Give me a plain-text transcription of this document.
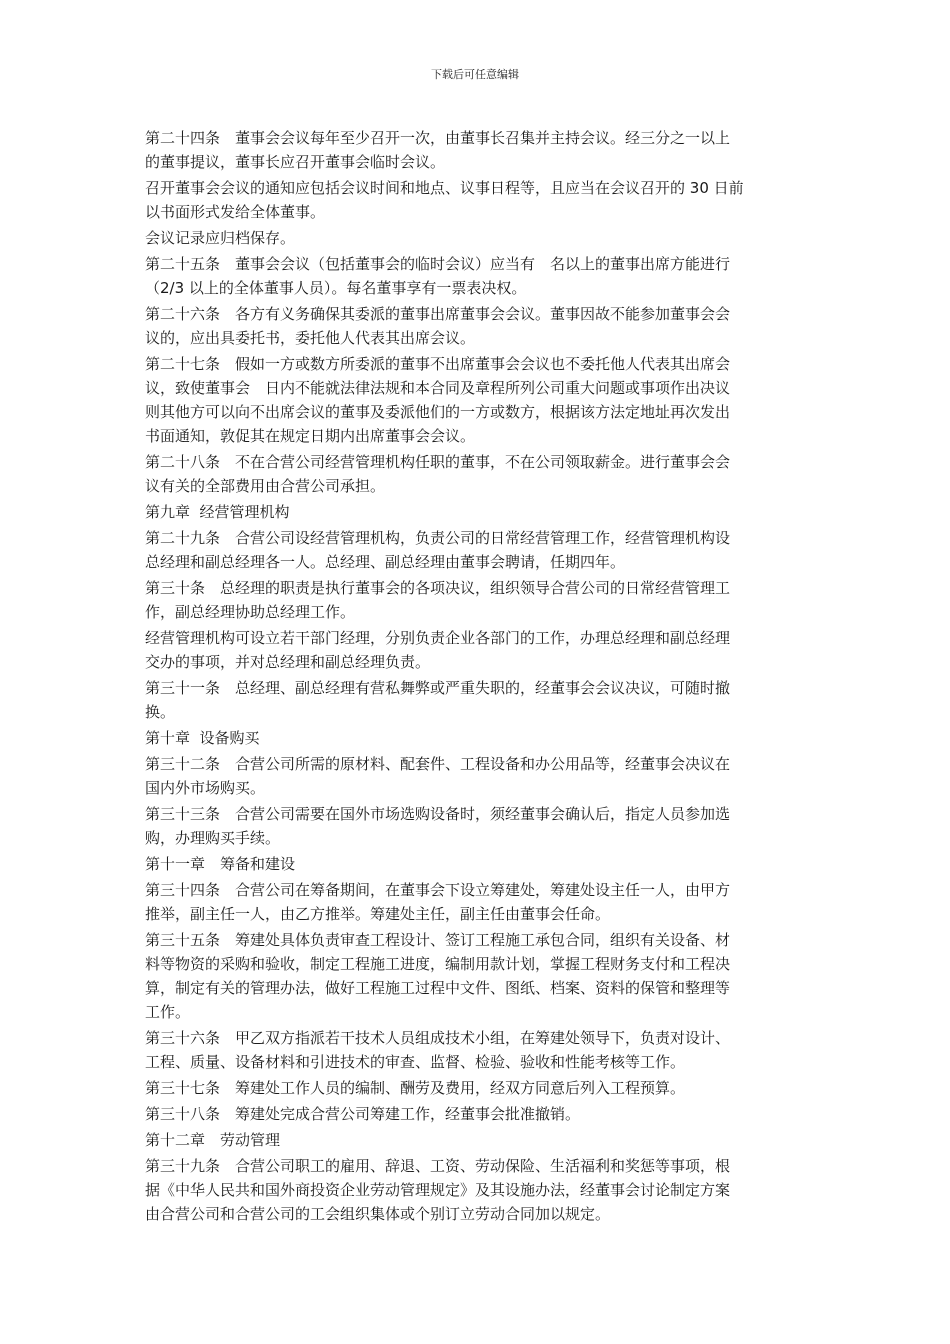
下载后可任意编辑
第二十四条　董事会会议每年至少召开一次，由董事长召集并主持会议。经三分之一以上
的董事提议，董事长应召开董事会临时会议。
召开董事会会议的通知应包括会议时间和地点、议事日程等，且应当在会议召开的 30 日前
以书面形式发给全体董事。
会议记录应归档保存。
第二十五条　董事会会议（包括董事会的临时会议）应当有　名以上的董事出席方能进行
（2/3 以上的全体董事人员）。每名董事享有一票表决权。
第二十六条　各方有义务确保其委派的董事出席董事会会议。董事因故不能参加董事会会
议的，应出具委托书，委托他人代表其出席会议。
第二十七条　假如一方或数方所委派的董事不出席董事会会议也不委托他人代表其出席会
议，致使董事会　日内不能就法律法规和本合同及章程所列公司重大问题或事项作出决议
则其他方可以向不出席会议的董事及委派他们的一方或数方，根据该方法定地址再次发出
书面通知，敦促其在规定日期内出席董事会会议。
第二十八条　不在合营公司经营管理机构任职的董事，不在公司领取薪金。进行董事会会
议有关的全部费用由合营公司承担。
第九章  经营管理机构
第二十九条　合营公司设经营管理机构，负责公司的日常经营管理工作，经营管理机构设
总经理和副总经理各一人。总经理、副总经理由董事会聘请，任期四年。
第三十条　总经理的职责是执行董事会的各项决议，组织领导合营公司的日常经营管理工
作，副总经理协助总经理工作。
经营管理机构可设立若干部门经理，分别负责企业各部门的工作，办理总经理和副总经理
交办的事项，并对总经理和副总经理负责。
第三十一条　总经理、副总经理有营私舞弊或严重失职的，经董事会会议决议，可随时撤
换。
第十章  设备购买
第三十二条　合营公司所需的原材料、配套件、工程设备和办公用品等，经董事会决议在
国内外市场购买。
第三十三条　合营公司需要在国外市场选购设备时，须经董事会确认后，指定人员参加选
购，办理购买手续。
第十一章　筹备和建设
第三十四条　合营公司在筹备期间，在董事会下设立筹建处，筹建处设主任一人，由甲方
推举，副主任一人，由乙方推举。筹建处主任，副主任由董事会任命。
第三十五条　筹建处具体负责审查工程设计、签订工程施工承包合同，组织有关设备、材
料等物资的采购和验收，制定工程施工进度，编制用款计划，掌握工程财务支付和工程决
算，制定有关的管理办法，做好工程施工过程中文件、图纸、档案、资料的保管和整理等
工作。
第三十六条　甲乙双方指派若干技术人员组成技术小组，在筹建处领导下，负责对设计、
工程、质量、设备材料和引进技术的审查、监督、检验、验收和性能考核等工作。
第三十七条　筹建处工作人员的编制、酬劳及费用，经双方同意后列入工程预算。
第三十八条　筹建处完成合营公司筹建工作，经董事会批准撤销。
第十二章　劳动管理
第三十九条　合营公司职工的雇用、辞退、工资、劳动保险、生活福利和奖惩等事项，根
据《中华人民共和国外商投资企业劳动管理规定》及其设施办法，经董事会讨论制定方案
由合营公司和合营公司的工会组织集体或个别订立劳动合同加以规定。
